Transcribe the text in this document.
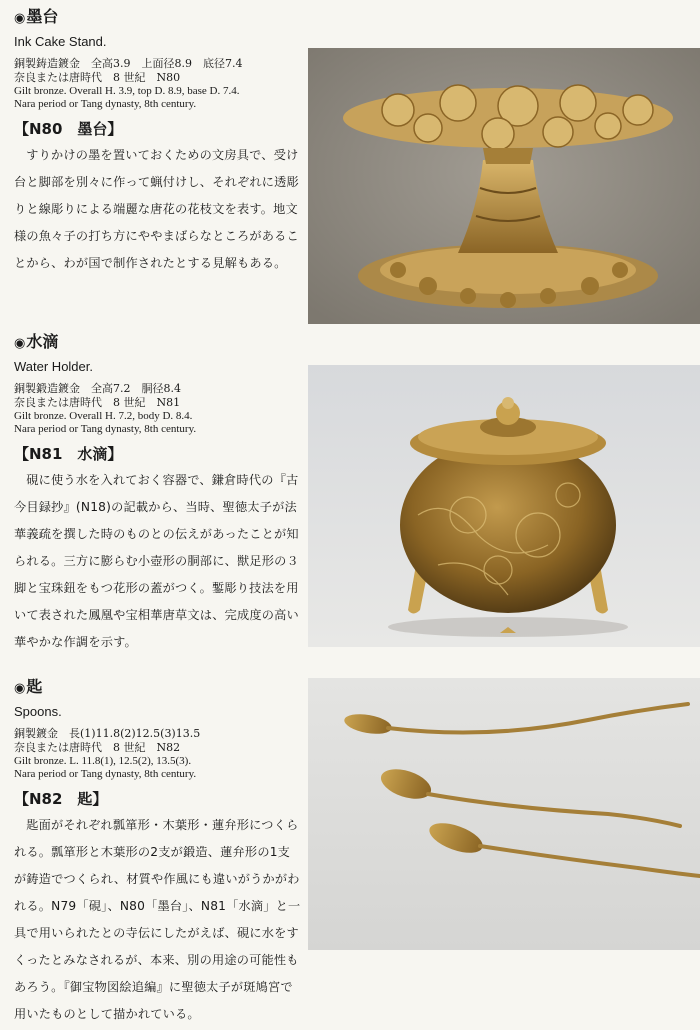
◉墨台
Ink Cake Stand.

銅製鋳造鍍金　全高3.9　上面径8.9　底径7.4

奈良または唐時代　8 世紀　N80

Gilt bronze. Overall H. 3.9, top D. 8.9, base D. 7.4.

Nara period or Tang dynasty, 8th century.

【N80　墨台】

すりかけの墨を置いておくための文房具で、受け台と脚部を別々に作って蝋付けし、それぞれに透彫りと線彫りによる端麗な唐花の花枝文を表す。地文様の魚々子の打ち方にややまばらなところがあることから、わが国で制作されたとする見解もある。

◉水滴
Water Holder.

銅製鍛造鍍金　全高7.2　胴径8.4

奈良または唐時代　8 世紀　N81

Gilt bronze. Overall H. 7.2, body D. 8.4.

Nara period or Tang dynasty, 8th century.

【N81　水滴】

硯に使う水を入れておく容器で、鎌倉時代の『古今目録抄』(N18)の記載から、当時、聖徳太子が法華義疏を撰した時のものとの伝えがあったことが知られる。三方に膨らむ小壺形の胴部に、獣足形の３脚と宝珠鈕をもつ花形の蓋がつく。鏨彫り技法を用いて表された鳳凰や宝相華唐草文は、完成度の高い華やかな作調を示す。

◉匙
Spoons.

銅製鍍金　長(1)11.8(2)12.5(3)13.5

奈良または唐時代　8 世紀　N82

Gilt bronze. L. 11.8(1), 12.5(2), 13.5(3).

Nara period or Tang dynasty, 8th century.

【N82　匙】

匙面がそれぞれ瓢箪形・木葉形・蓮弁形につくられる。瓢箪形と木葉形の2支が鍛造、蓮弁形の1支が鋳造でつくられ、材質や作風にも違いがうかがわれる。N79「硯」、N80「墨台」、N81「水滴」と一具で用いられたとの寺伝にしたがえば、硯に水をすくったとみなされるが、本来、別の用途の可能性もあろう。『御宝物図絵追編』に聖徳太子が斑鳩宮で用いたものとして描かれている。
